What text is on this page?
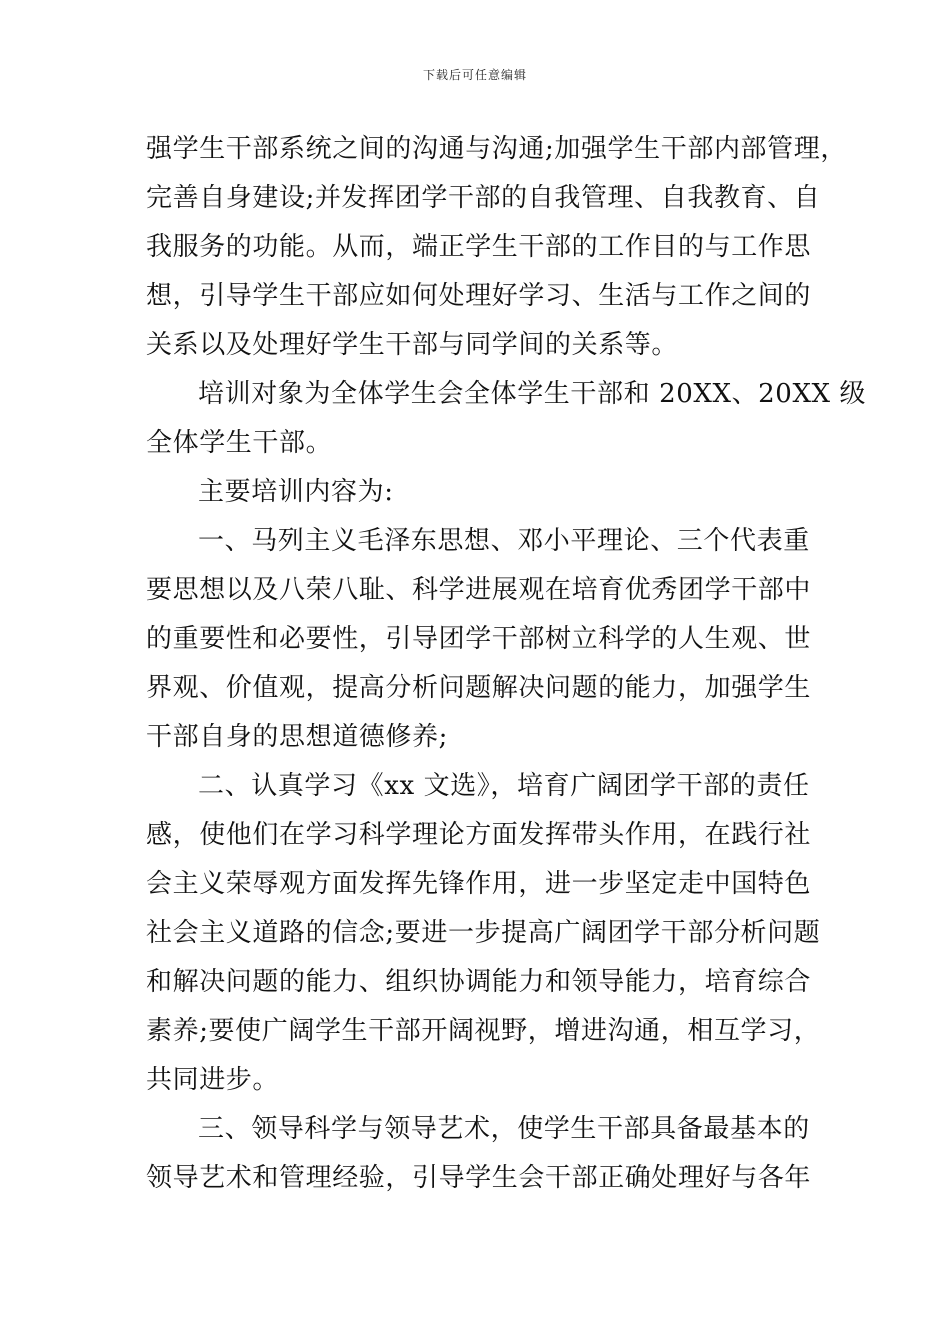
下载后可任意编辑
强学生干部系统之间的沟通与沟通;加强学生干部内部管理，
完善自身建设;并发挥团学干部的自我管理、自我教育、自
我服务的功能。从而，端正学生干部的工作目的与工作思
想，引导学生干部应如何处理好学习、生活与工作之间的
关系以及处理好学生干部与同学间的关系等。
培训对象为全体学生会全体学生干部和 20XX、20XX 级
全体学生干部。
主要培训内容为:
一、马列主义毛泽东思想、邓小平理论、三个代表重
要思想以及八荣八耻、科学进展观在培育优秀团学干部中
的重要性和必要性，引导团学干部树立科学的人生观、世
界观、价值观，提高分析问题解决问题的能力，加强学生
干部自身的思想道德修养;
二、认真学习《xx 文选》，培育广阔团学干部的责任
感，使他们在学习科学理论方面发挥带头作用，在践行社
会主义荣辱观方面发挥先锋作用，进一步坚定走中国特色
社会主义道路的信念;要进一步提高广阔团学干部分析问题
和解决问题的能力、组织协调能力和领导能力，培育综合
素养;要使广阔学生干部开阔视野，增进沟通，相互学习，
共同进步。
三、领导科学与领导艺术，使学生干部具备最基本的
领导艺术和管理经验，引导学生会干部正确处理好与各年
